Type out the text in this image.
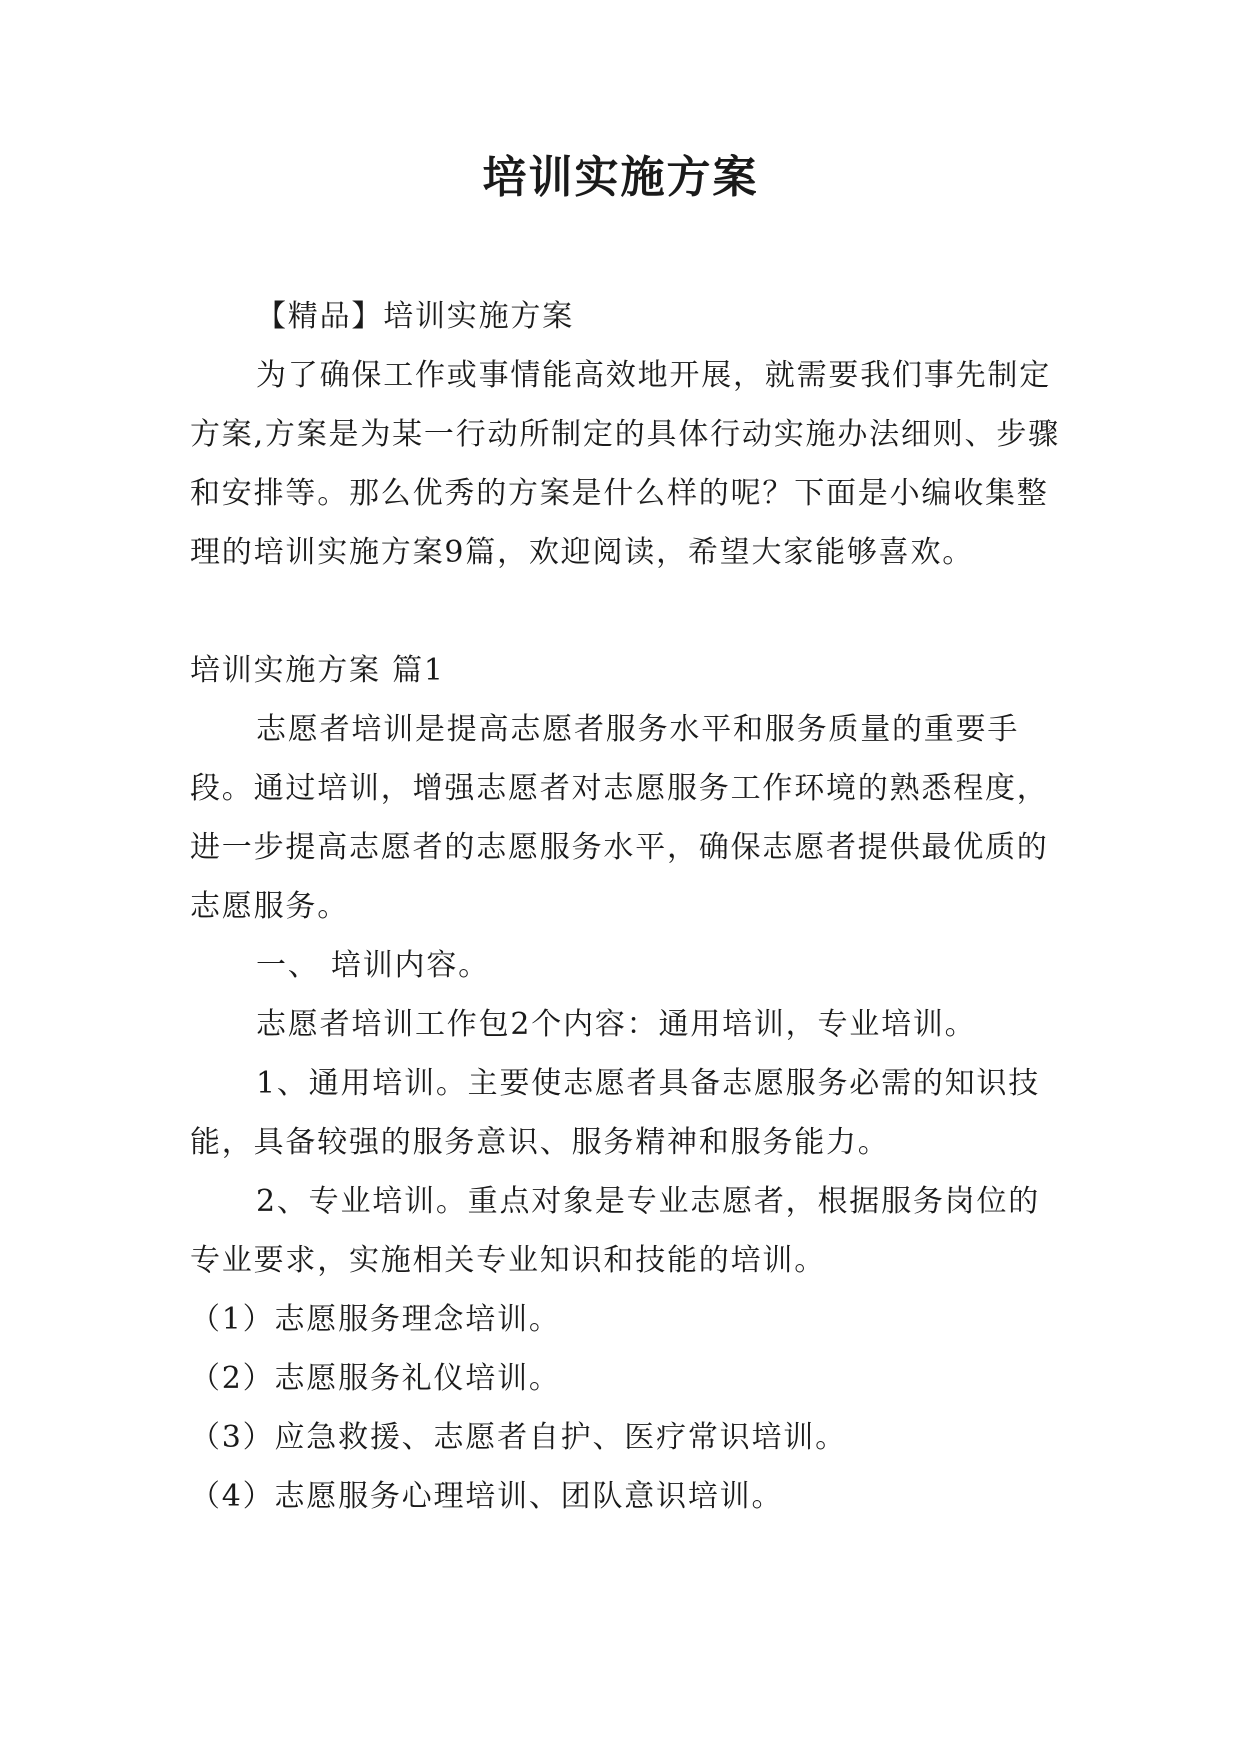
培训实施方案

【精品】培训实施方案

为了确保工作或事情能高效地开展，就需要我们事先制定方案,方案是为某一行动所制定的具体行动实施办法细则、步骤和安排等。那么优秀的方案是什么样的呢？下面是小编收集整理的培训实施方案9篇，欢迎阅读，希望大家能够喜欢。

培训实施方案 篇1

志愿者培训是提高志愿者服务水平和服务质量的重要手段。通过培训，增强志愿者对志愿服务工作环境的熟悉程度，进一步提高志愿者的志愿服务水平，确保志愿者提供最优质的志愿服务。

一、 培训内容。

志愿者培训工作包2个内容：通用培训，专业培训。

1、通用培训。主要使志愿者具备志愿服务必需的知识技能，具备较强的服务意识、服务精神和服务能力。

2、专业培训。重点对象是专业志愿者，根据服务岗位的专业要求，实施相关专业知识和技能的培训。

（1）志愿服务理念培训。

（2）志愿服务礼仪培训。

（3）应急救援、志愿者自护、医疗常识培训。

（4）志愿服务心理培训、团队意识培训。
